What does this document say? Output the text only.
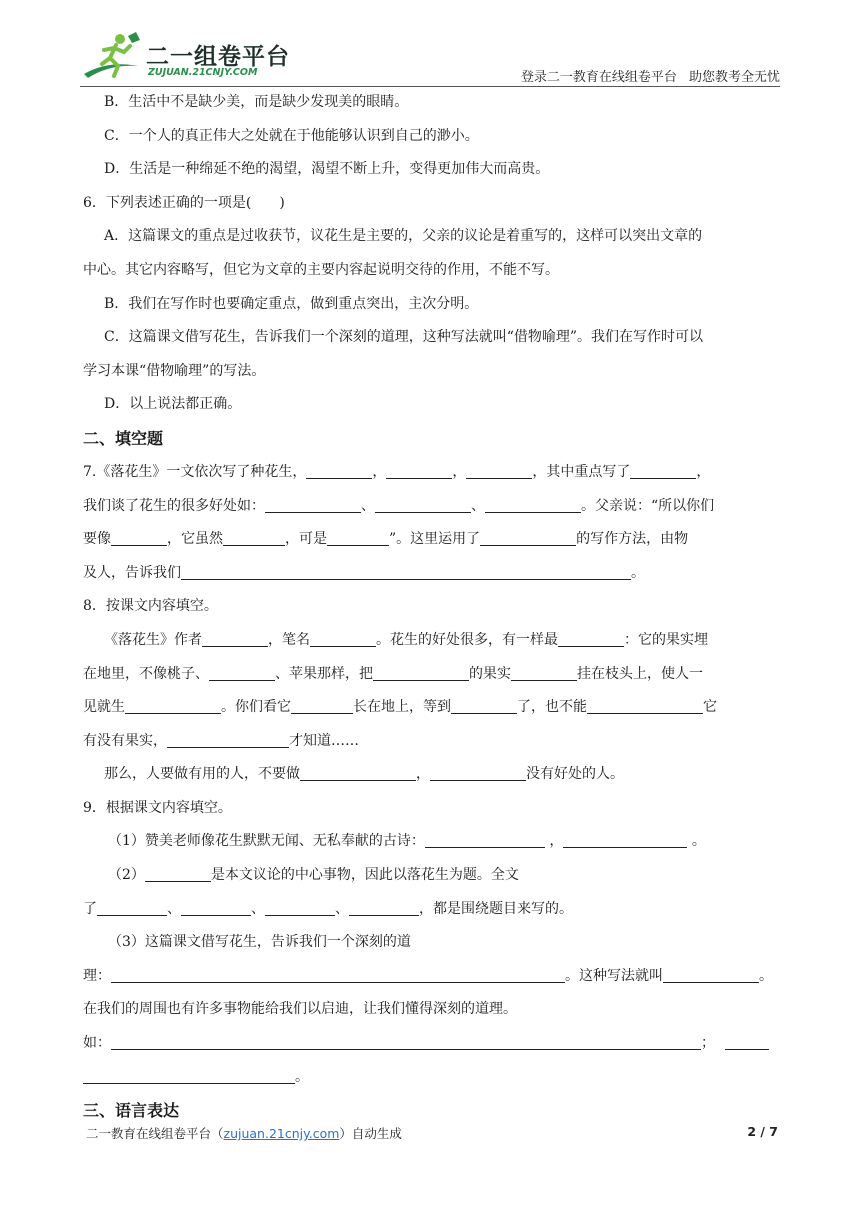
二一组卷平台
ZUJUAN.21CNJY.COM	登录二一教育在线组卷平台 助您教考全无忧

B．生活中不是缺少美，而是缺少发现美的眼睛。

C．一个人的真正伟大之处就在于他能够认识到自己的渺小。

D．生活是一种绵延不绝的渴望，渴望不断上升，变得更加伟大而高贵。

6．下列表述正确的一项是(　　)

A．这篇课文的重点是过收获节，议花生是主要的，父亲的议论是着重写的，这样可以突出文章的

中心。其它内容略写，但它为文章的主要内容起说明交待的作用，不能不写。

B．我们在写作时也要确定重点，做到重点突出，主次分明。

C．这篇课文借写花生，告诉我们一个深刻的道理，这种写法就叫“借物喻理”。我们在写作时可以

学习本课“借物喻理”的写法。

D．以上说法都正确。

二、填空题

7.《落花生》一文依次写了种花生，	，	，	，其中重点写了	，

我们谈了花生的很多好处如：	、	、	。父亲说：“所以你们

要像	，它虽然	，可是	”。这里运用了	的写作方法，由物

及人，告诉我们	。

8．按课文内容填空。

《落花生》作者	，笔名	。花生的好处很多，有一样最	：它的果实埋

在地里，不像桃子、	、苹果那样，把	的果实	挂在枝头上，使人一

见就生	。你们看它	长在地上，等到	了，也不能	它

有没有果实，	才知道……

那么，人要做有用的人，不要做	，	没有好处的人。

9．根据课文内容填空。

（1）赞美老师像花生默默无闻、无私奉献的古诗：	，	。

（2）	是本文议论的中心事物，因此以落花生为题。全文

了	、	、	、	，都是围绕题目来写的。

（3）这篇课文借写花生，告诉我们一个深刻的道

理：	。这种写法就叫	。

在我们的周围也有许多事物能给我们以启迪，让我们懂得深刻的道理。

如：	；

。

三、语言表达

二一教育在线组卷平台（zujuan.21cnjy.com）自动生成	2 / 7
